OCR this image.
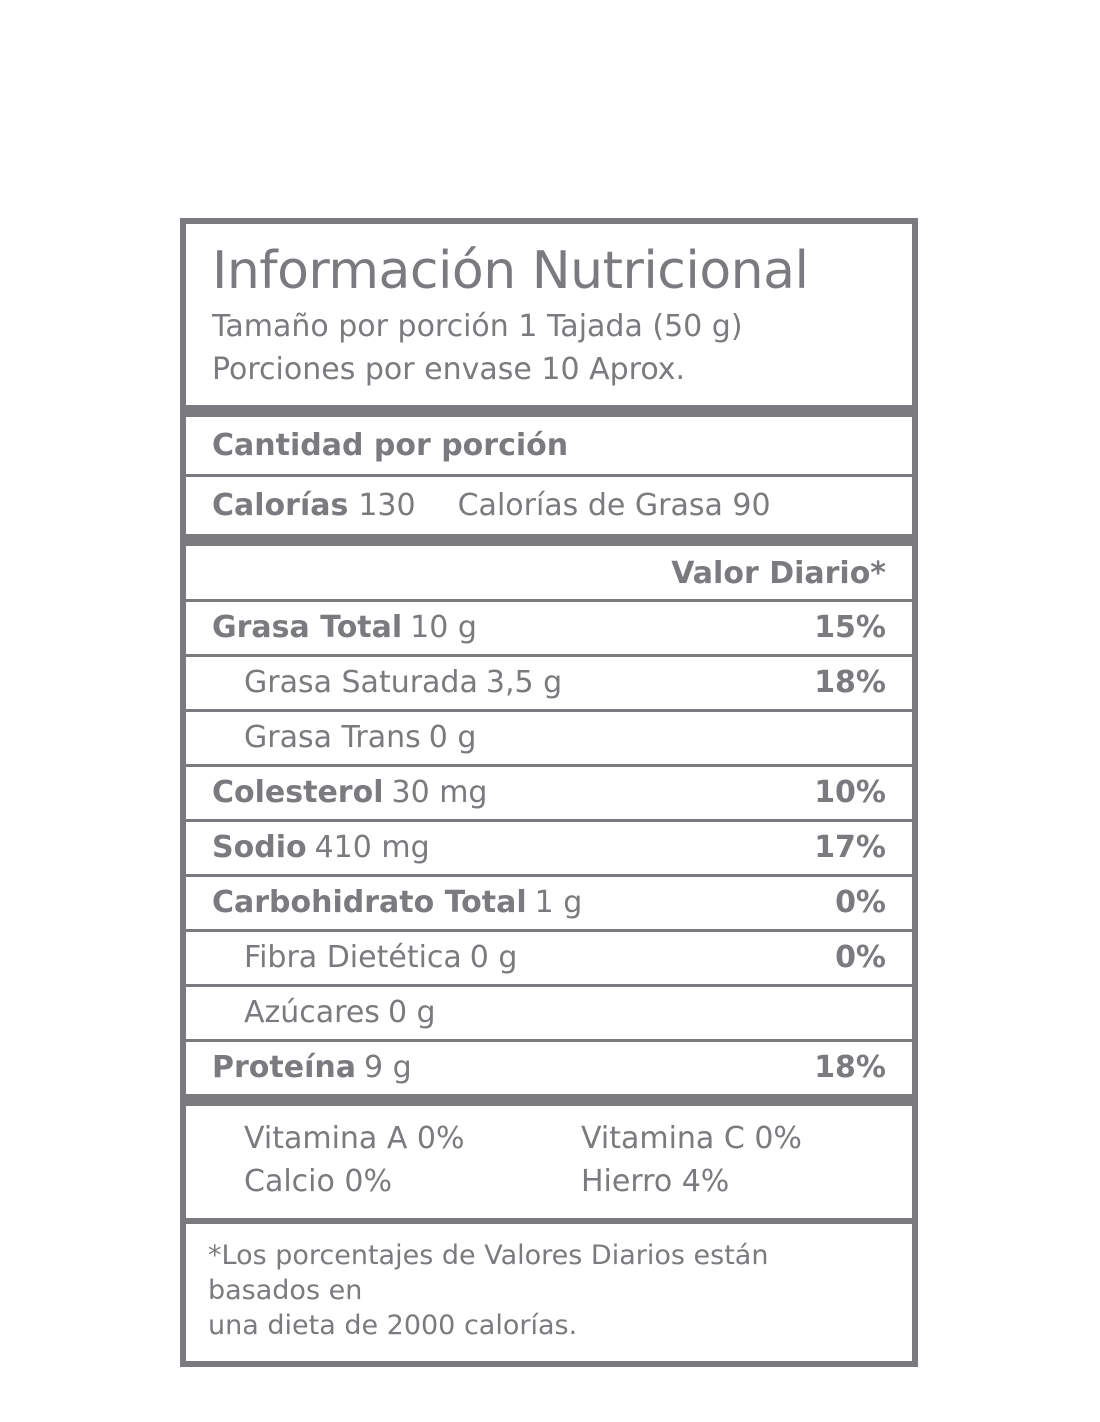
Información Nutricional
Tamaño por porción 1 Tajada (50 g)
Porciones por envase 10 Aprox.
Cantidad por porción
Calorías 130 Calorías de Grasa 90
Valor Diario*
Grasa Total 10 g	15%
Grasa Saturada 3,5 g	18%
Grasa Trans 0 g
Colesterol 30 mg	10%
Sodio 410 mg	17%
Carbohidrato Total 1 g	0%
Fibra Dietética 0 g	0%
Azúcares 0 g
Proteína 9 g	18%
Vitamina A 0%	Vitamina C 0%
Calcio 0%	Hierro 4%
*Los porcentajes de Valores Diarios están basados en
una dieta de 2000 calorías.
